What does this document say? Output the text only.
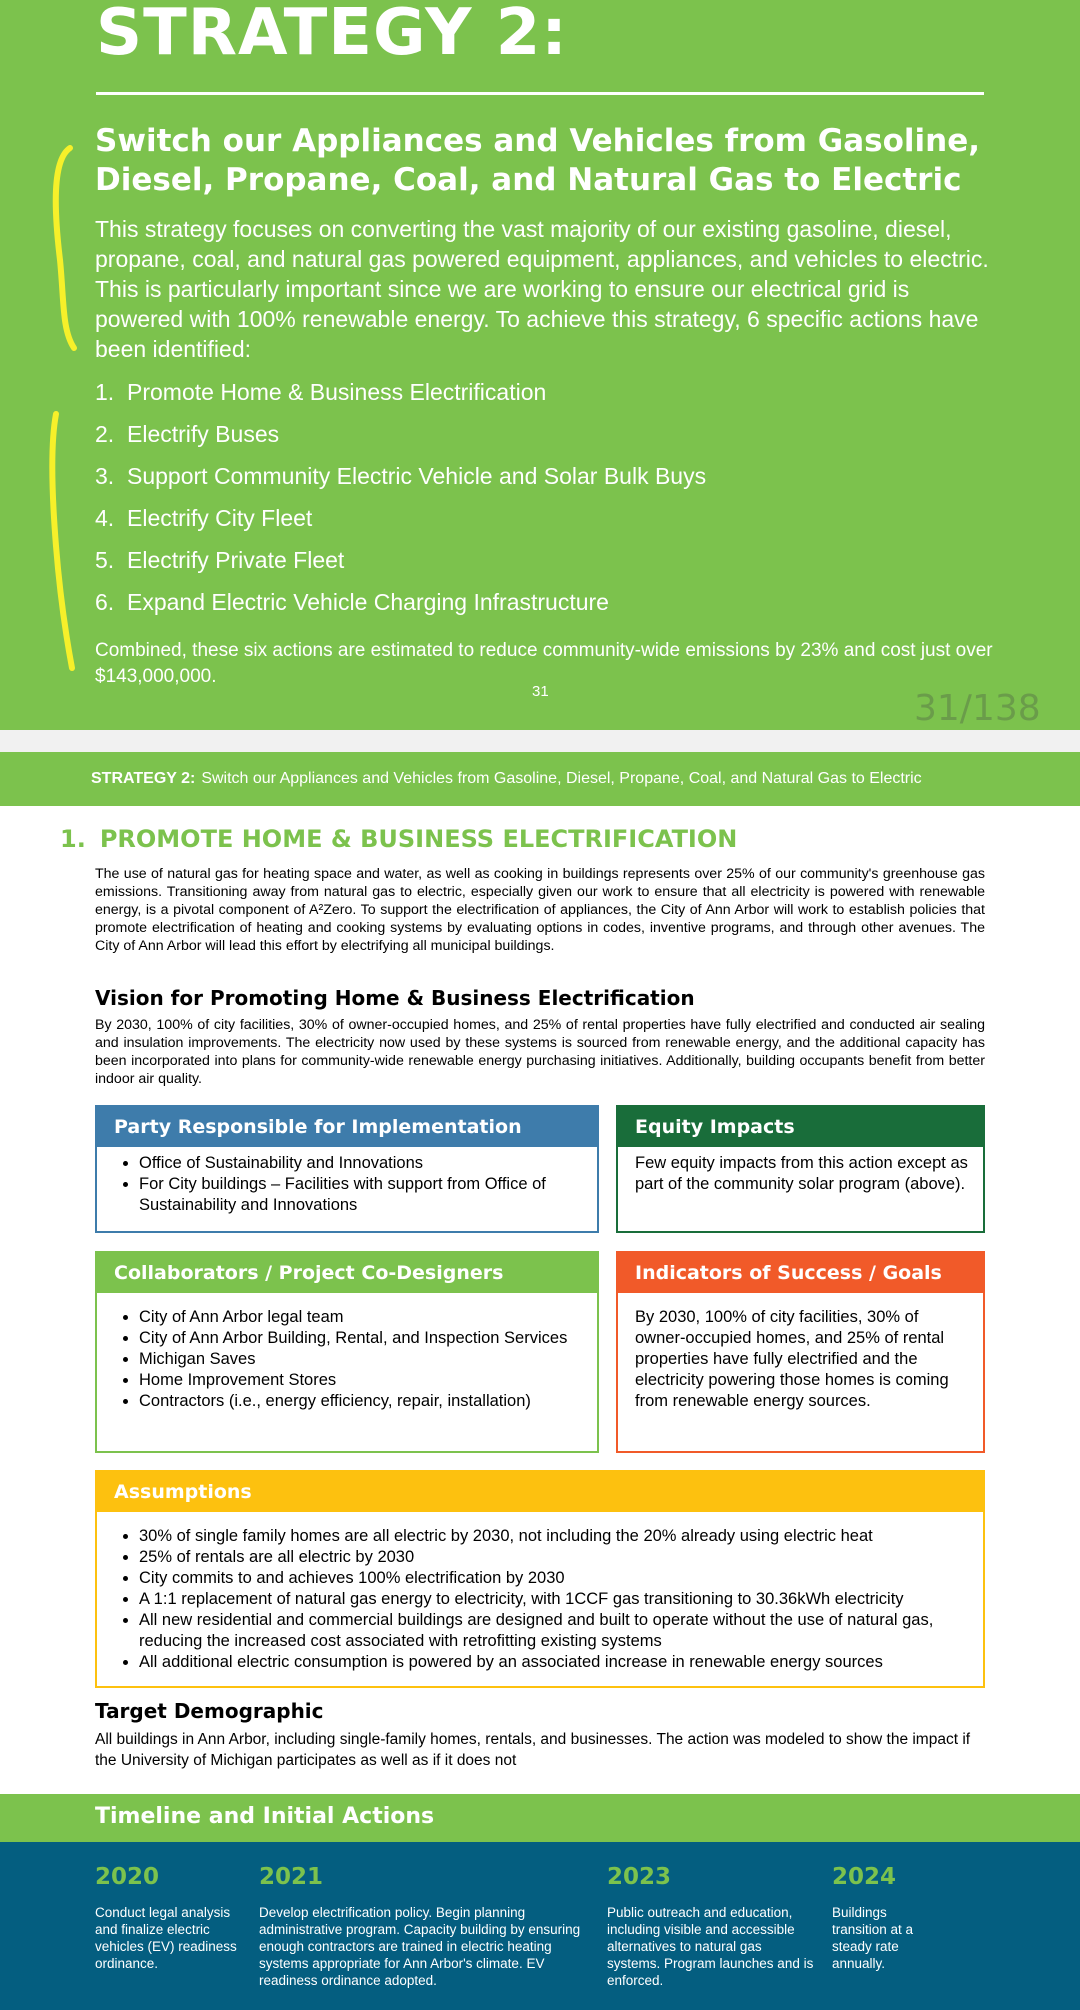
STRATEGY 2:
Switch our Appliances and Vehicles from Gasoline, Diesel, Propane, Coal, and Natural Gas to Electric
This strategy focuses on converting the vast majority of our existing gasoline, diesel, propane, coal, and natural gas powered equipment, appliances, and vehicles to electric. This is particularly important since we are working to ensure our electrical grid is powered with 100% renewable energy. To achieve this strategy, 6 specific actions have been identified:
1. Promote Home & Business Electrification
2. Electrify Buses
3. Support Community Electric Vehicle and Solar Bulk Buys
4. Electrify City Fleet
5. Electrify Private Fleet
6. Expand Electric Vehicle Charging Infrastructure
Combined, these six actions are estimated to reduce community-wide emissions by 23% and cost just over $143,000,000.
31	31/138
STRATEGY 2: Switch our Appliances and Vehicles from Gasoline, Diesel, Propane, Coal, and Natural Gas to Electric
1. PROMOTE HOME & BUSINESS ELECTRIFICATION
The use of natural gas for heating space and water, as well as cooking in buildings represents over 25% of our community's greenhouse gas emissions. Transitioning away from natural gas to electric, especially given our work to ensure that all electricity is powered with renewable energy, is a pivotal component of A²Zero. To support the electrification of appliances, the City of Ann Arbor will work to establish policies that promote electrification of heating and cooking systems by evaluating options in codes, inventive programs, and through other avenues. The City of Ann Arbor will lead this effort by electrifying all municipal buildings.
Vision for Promoting Home & Business Electrification
By 2030, 100% of city facilities, 30% of owner-occupied homes, and 25% of rental properties have fully electrified and conducted air sealing and insulation improvements. The electricity now used by these systems is sourced from renewable energy, and the additional capacity has been incorporated into plans for community-wide renewable energy purchasing initiatives. Additionally, building occupants benefit from better indoor air quality.
Party Responsible for Implementation
• Office of Sustainability and Innovations
• For City buildings – Facilities with support from Office of Sustainability and Innovations
Equity Impacts
Few equity impacts from this action except as part of the community solar program (above).
Collaborators / Project Co-Designers
• City of Ann Arbor legal team
• City of Ann Arbor Building, Rental, and Inspection Services
• Michigan Saves
• Home Improvement Stores
• Contractors (i.e., energy efficiency, repair, installation)
Indicators of Success / Goals
By 2030, 100% of city facilities, 30% of owner-occupied homes, and 25% of rental properties have fully electrified and the electricity powering those homes is coming from renewable energy sources.
Assumptions
• 30% of single family homes are all electric by 2030, not including the 20% already using electric heat
• 25% of rentals are all electric by 2030
• City commits to and achieves 100% electrification by 2030
• A 1:1 replacement of natural gas energy to electricity, with 1CCF gas transitioning to 30.36kWh electricity
• All new residential and commercial buildings are designed and built to operate without the use of natural gas, reducing the increased cost associated with retrofitting existing systems
• All additional electric consumption is powered by an associated increase in renewable energy sources
Target Demographic
All buildings in Ann Arbor, including single-family homes, rentals, and businesses. The action was modeled to show the impact if the University of Michigan participates as well as if it does not
Timeline and Initial Actions
2020
Conduct legal analysis and finalize electric vehicles (EV) readiness ordinance.
2021
Develop electrification policy. Begin planning administrative program. Capacity building by ensuring enough contractors are trained in electric heating systems appropriate for Ann Arbor's climate. EV readiness ordinance adopted.
2023
Public outreach and education, including visible and accessible alternatives to natural gas systems. Program launches and is enforced.
2024
Buildings transition at a steady rate annually.
